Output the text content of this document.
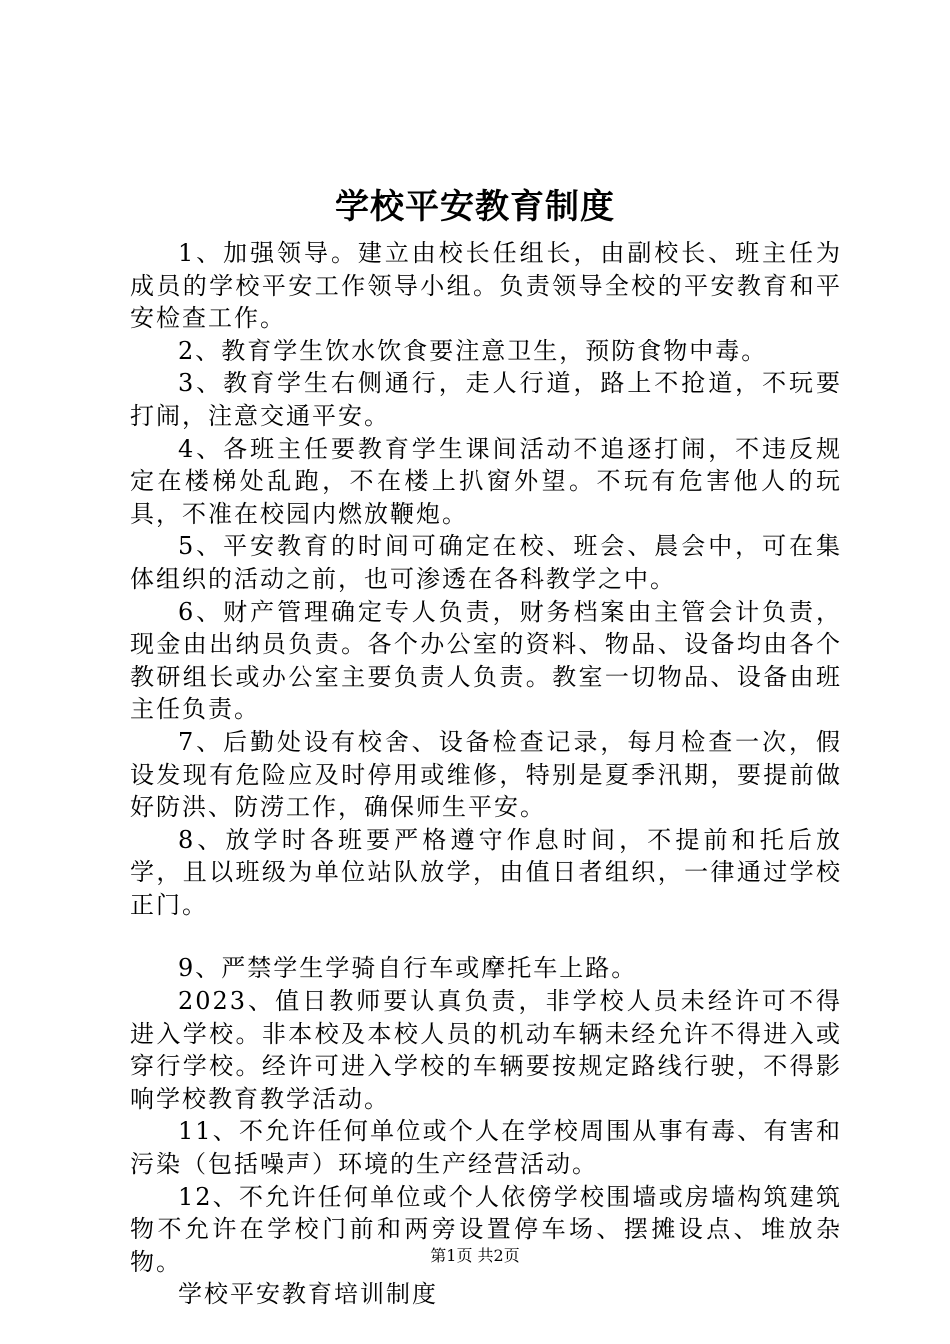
学校平安教育制度

1、加强领导。建立由校长任组长，由副校长、班主任为成员的学校平安工作领导小组。负责领导全校的平安教育和平安检查工作。

2、教育学生饮水饮食要注意卫生，预防食物中毒。

3、教育学生右侧通行，走人行道，路上不抢道，不玩要打闹，注意交通平安。

4、各班主任要教育学生课间活动不追逐打闹，不违反规定在楼梯处乱跑，不在楼上扒窗外望。不玩有危害他人的玩具，不准在校园内燃放鞭炮。

5、平安教育的时间可确定在校、班会、晨会中，可在集体组织的活动之前，也可渗透在各科教学之中。

6、财产管理确定专人负责，财务档案由主管会计负责，现金由出纳员负责。各个办公室的资料、物品、设备均由各个教研组长或办公室主要负责人负责。教室一切物品、设备由班主任负责。

7、后勤处设有校舍、设备检查记录，每月检查一次，假设发现有危险应及时停用或维修，特别是夏季汛期，要提前做好防洪、防涝工作，确保师生平安。

8、放学时各班要严格遵守作息时间，不提前和托后放学，且以班级为单位站队放学，由值日者组织，一律通过学校正门。

9、严禁学生学骑自行车或摩托车上路。

2023、值日教师要认真负责，非学校人员未经许可不得进入学校。非本校及本校人员的机动车辆未经允许不得进入或穿行学校。经许可进入学校的车辆要按规定路线行驶，不得影响学校教育教学活动。

11、不允许任何单位或个人在学校周围从事有毒、有害和污染（包括噪声）环境的生产经营活动。

12、不允许任何单位或个人依傍学校围墙或房墙构筑建筑物不允许在学校门前和两旁设置停车场、摆摊设点、堆放杂物。

学校平安教育培训制度

第1页 共2页
